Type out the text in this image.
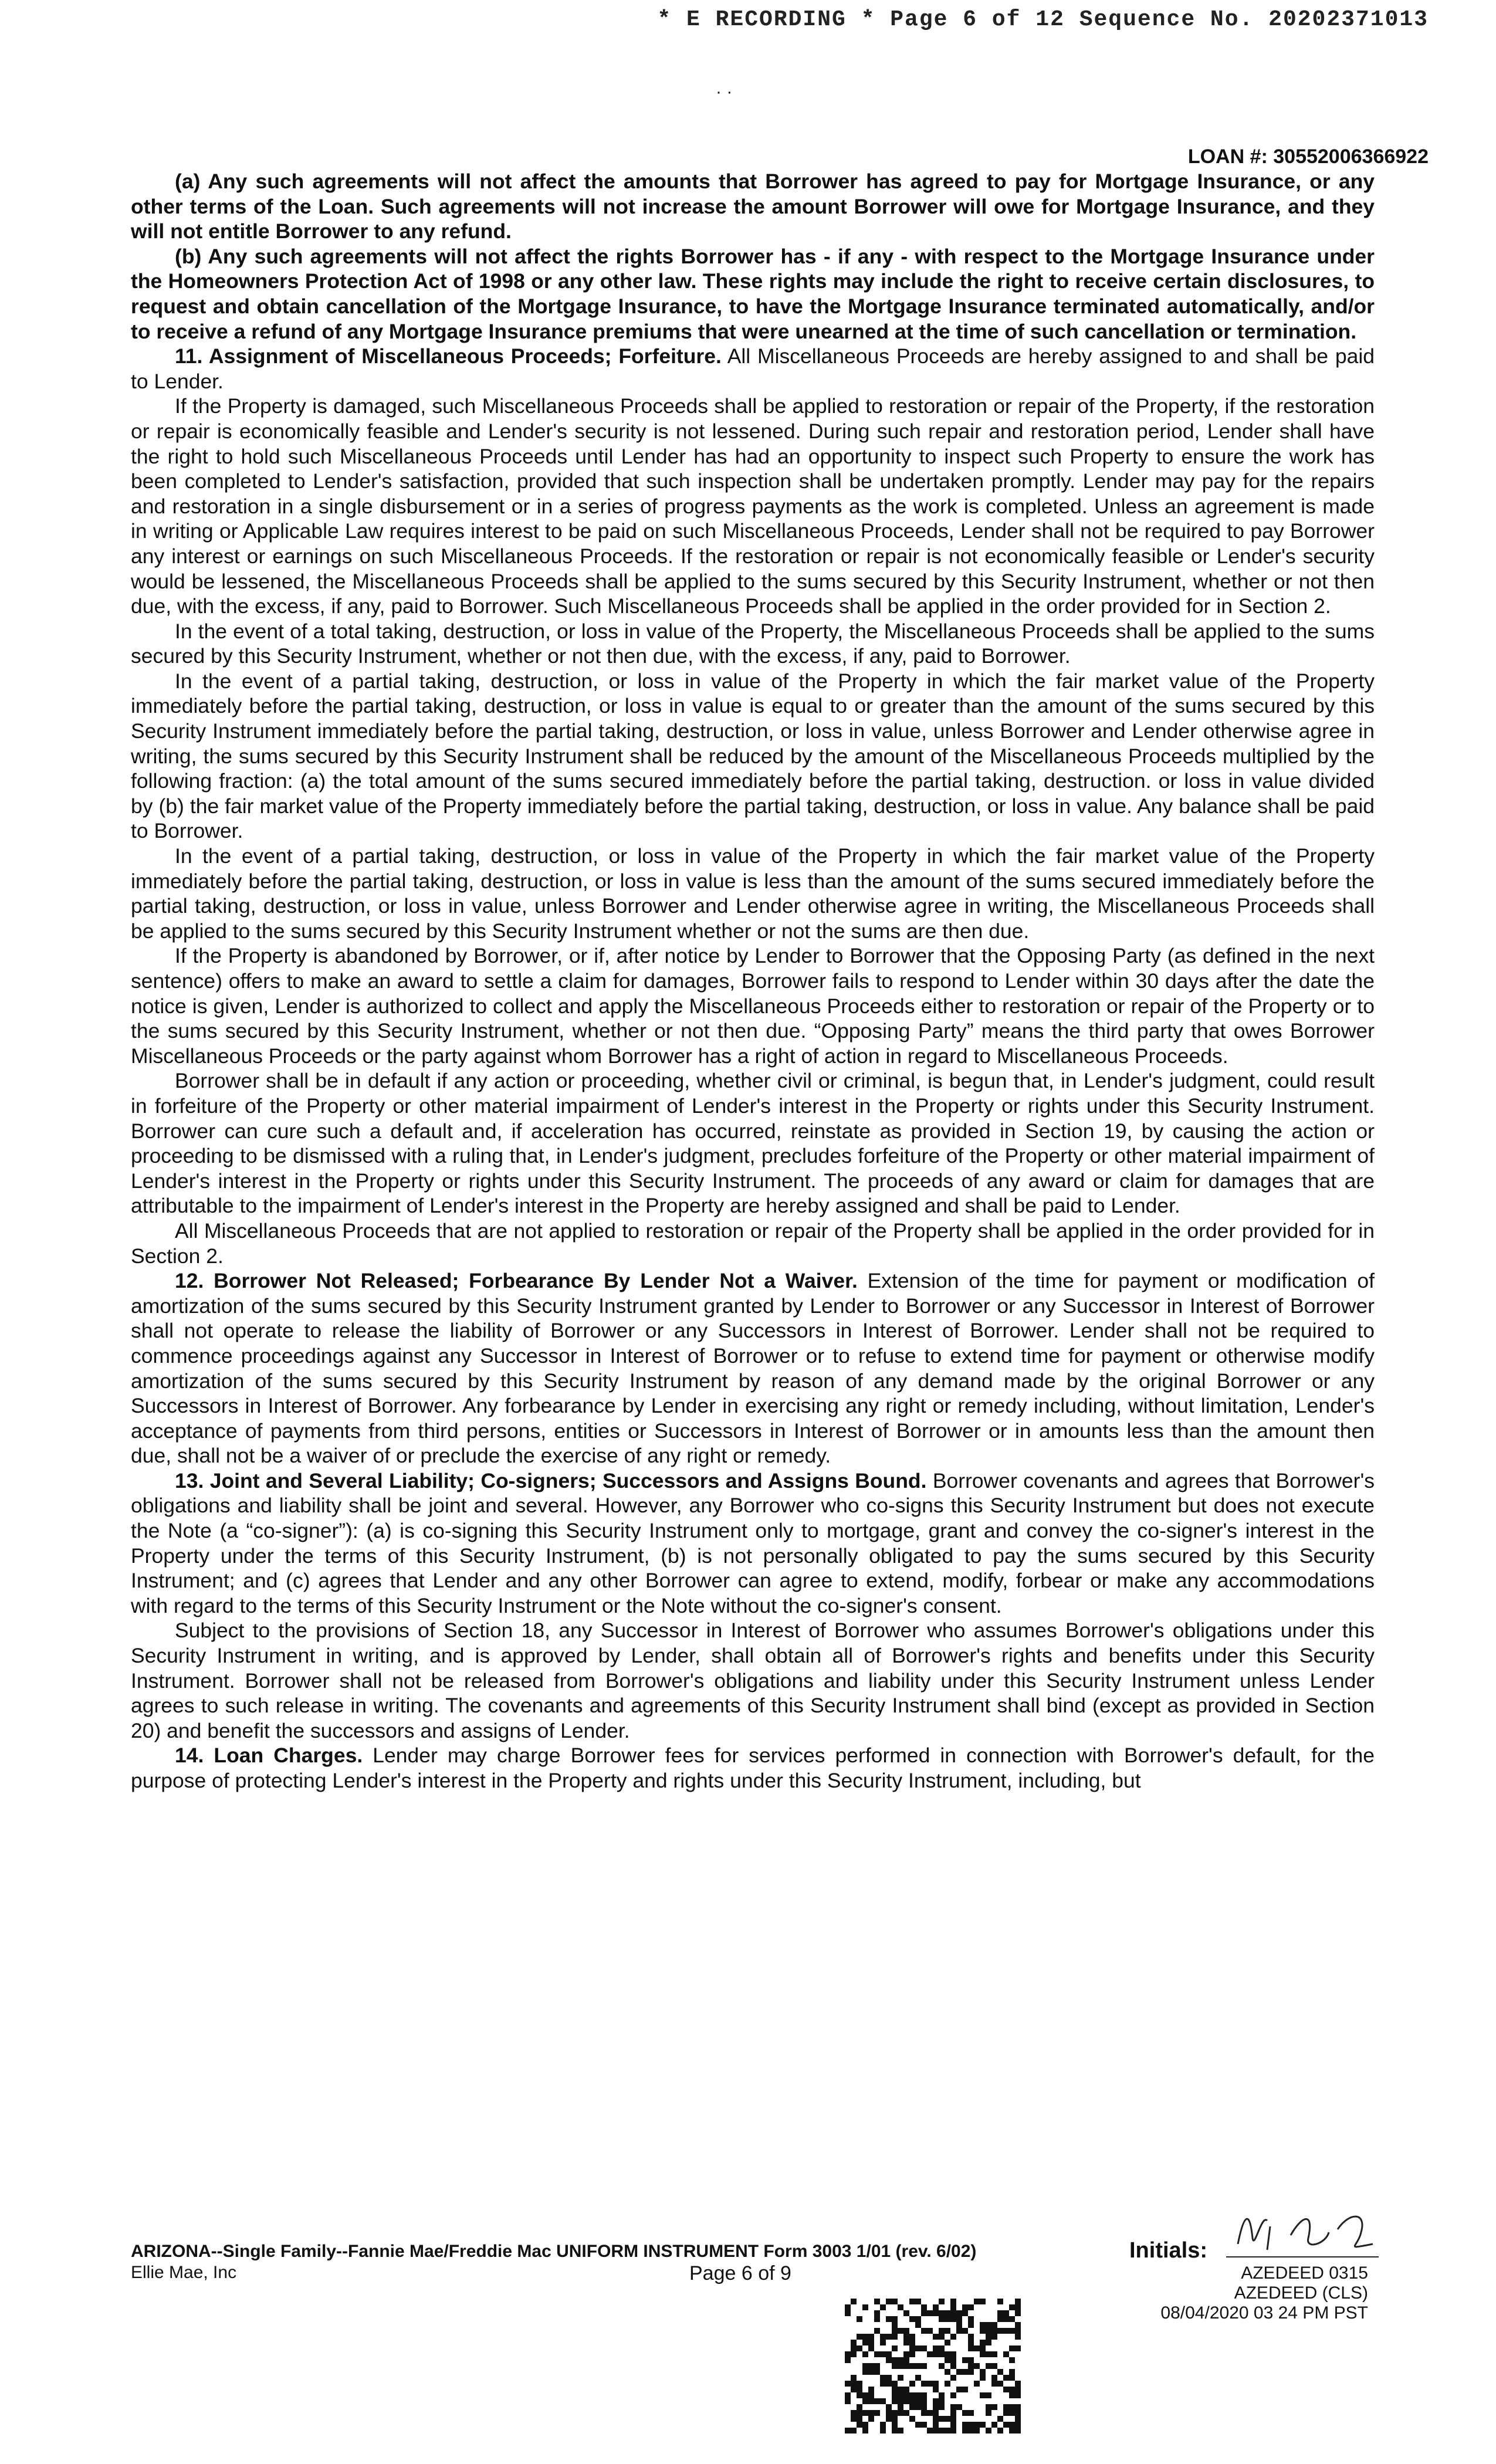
* E RECORDING * Page 6 of 12 Sequence No. 20202371013
· ·
LOAN #: 30552006366922

(a) Any such agreements will not affect the amounts that Borrower has agreed to pay for Mortgage Insurance, or any other terms of the Loan. Such agreements will not increase the amount Borrower will owe for Mortgage Insurance, and they will not entitle Borrower to any refund.

(b) Any such agreements will not affect the rights Borrower has - if any - with respect to the Mortgage Insurance under the Homeowners Protection Act of 1998 or any other law. These rights may include the right to receive certain disclosures, to request and obtain cancellation of the Mortgage Insurance, to have the Mortgage Insurance terminated automatically, and/or to receive a refund of any Mortgage Insurance premiums that were unearned at the time of such cancellation or termination.

11. Assignment of Miscellaneous Proceeds; Forfeiture. All Miscellaneous Proceeds are hereby assigned to and shall be paid to Lender.

If the Property is damaged, such Miscellaneous Proceeds shall be applied to restoration or repair of the Property, if the restoration or repair is economically feasible and Lender's security is not lessened. During such repair and restoration period, Lender shall have the right to hold such Miscellaneous Proceeds until Lender has had an opportunity to inspect such Property to ensure the work has been completed to Lender's satisfaction, provided that such inspection shall be undertaken promptly. Lender may pay for the repairs and restoration in a single disbursement or in a series of progress payments as the work is completed. Unless an agreement is made in writing or Applicable Law requires interest to be paid on such Miscellaneous Proceeds, Lender shall not be required to pay Borrower any interest or earnings on such Miscellaneous Proceeds. If the restoration or repair is not economically feasible or Lender's security would be lessened, the Miscellaneous Proceeds shall be applied to the sums secured by this Security Instrument, whether or not then due, with the excess, if any, paid to Borrower. Such Miscellaneous Proceeds shall be applied in the order provided for in Section 2.

In the event of a total taking, destruction, or loss in value of the Property, the Miscellaneous Proceeds shall be applied to the sums secured by this Security Instrument, whether or not then due, with the excess, if any, paid to Borrower.

In the event of a partial taking, destruction, or loss in value of the Property in which the fair market value of the Property immediately before the partial taking, destruction, or loss in value is equal to or greater than the amount of the sums secured by this Security Instrument immediately before the partial taking, destruction, or loss in value, unless Borrower and Lender otherwise agree in writing, the sums secured by this Security Instrument shall be reduced by the amount of the Miscellaneous Proceeds multiplied by the following fraction: (a) the total amount of the sums secured immediately before the partial taking, destruction. or loss in value divided by (b) the fair market value of the Property immediately before the partial taking, destruction, or loss in value. Any balance shall be paid to Borrower.

In the event of a partial taking, destruction, or loss in value of the Property in which the fair market value of the Property immediately before the partial taking, destruction, or loss in value is less than the amount of the sums secured immediately before the partial taking, destruction, or loss in value, unless Borrower and Lender otherwise agree in writing, the Miscellaneous Proceeds shall be applied to the sums secured by this Security Instrument whether or not the sums are then due.

If the Property is abandoned by Borrower, or if, after notice by Lender to Borrower that the Opposing Party (as defined in the next sentence) offers to make an award to settle a claim for damages, Borrower fails to respond to Lender within 30 days after the date the notice is given, Lender is authorized to collect and apply the Miscellaneous Proceeds either to restoration or repair of the Property or to the sums secured by this Security Instrument, whether or not then due. “Opposing Party” means the third party that owes Borrower Miscellaneous Proceeds or the party against whom Borrower has a right of action in regard to Miscellaneous Proceeds.

Borrower shall be in default if any action or proceeding, whether civil or criminal, is begun that, in Lender's judgment, could result in forfeiture of the Property or other material impairment of Lender's interest in the Property or rights under this Security Instrument. Borrower can cure such a default and, if acceleration has occurred, reinstate as provided in Section 19, by causing the action or proceeding to be dismissed with a ruling that, in Lender's judgment, precludes forfeiture of the Property or other material impairment of Lender's interest in the Property or rights under this Security Instrument. The proceeds of any award or claim for damages that are attributable to the impairment of Lender's interest in the Property are hereby assigned and shall be paid to Lender.

All Miscellaneous Proceeds that are not applied to restoration or repair of the Property shall be applied in the order provided for in Section 2.

12. Borrower Not Released; Forbearance By Lender Not a Waiver. Extension of the time for payment or modification of amortization of the sums secured by this Security Instrument granted by Lender to Borrower or any Successor in Interest of Borrower shall not operate to release the liability of Borrower or any Successors in Interest of Borrower. Lender shall not be required to commence proceedings against any Successor in Interest of Borrower or to refuse to extend time for payment or otherwise modify amortization of the sums secured by this Security Instrument by reason of any demand made by the original Borrower or any Successors in Interest of Borrower. Any forbearance by Lender in exercising any right or remedy including, without limitation, Lender's acceptance of payments from third persons, entities or Successors in Interest of Borrower or in amounts less than the amount then due, shall not be a waiver of or preclude the exercise of any right or remedy.

13. Joint and Several Liability; Co-signers; Successors and Assigns Bound. Borrower covenants and agrees that Borrower's obligations and liability shall be joint and several. However, any Borrower who co-signs this Security Instrument but does not execute the Note (a “co-signer”): (a) is co-signing this Security Instrument only to mortgage, grant and convey the co-signer's interest in the Property under the terms of this Security Instrument, (b) is not personally obligated to pay the sums secured by this Security Instrument; and (c) agrees that Lender and any other Borrower can agree to extend, modify, forbear or make any accommodations with regard to the terms of this Security Instrument or the Note without the co-signer's consent.

Subject to the provisions of Section 18, any Successor in Interest of Borrower who assumes Borrower's obligations under this Security Instrument in writing, and is approved by Lender, shall obtain all of Borrower's rights and benefits under this Security Instrument. Borrower shall not be released from Borrower's obligations and liability under this Security Instrument unless Lender agrees to such release in writing. The covenants and agreements of this Security Instrument shall bind (except as provided in Section 20) and benefit the successors and assigns of Lender.

14. Loan Charges. Lender may charge Borrower fees for services performed in connection with Borrower's default, for the purpose of protecting Lender's interest in the Property and rights under this Security Instrument, including, but

ARIZONA--Single Family--Fannie Mae/Freddie Mac UNIFORM INSTRUMENT Form 3003 1/01 (rev. 6/02)
Ellie Mae, Inc	Page 6 of 9
Initials:
AZEDEED 0315
AZEDEED (CLS)
08/04/2020 03 24 PM PST
